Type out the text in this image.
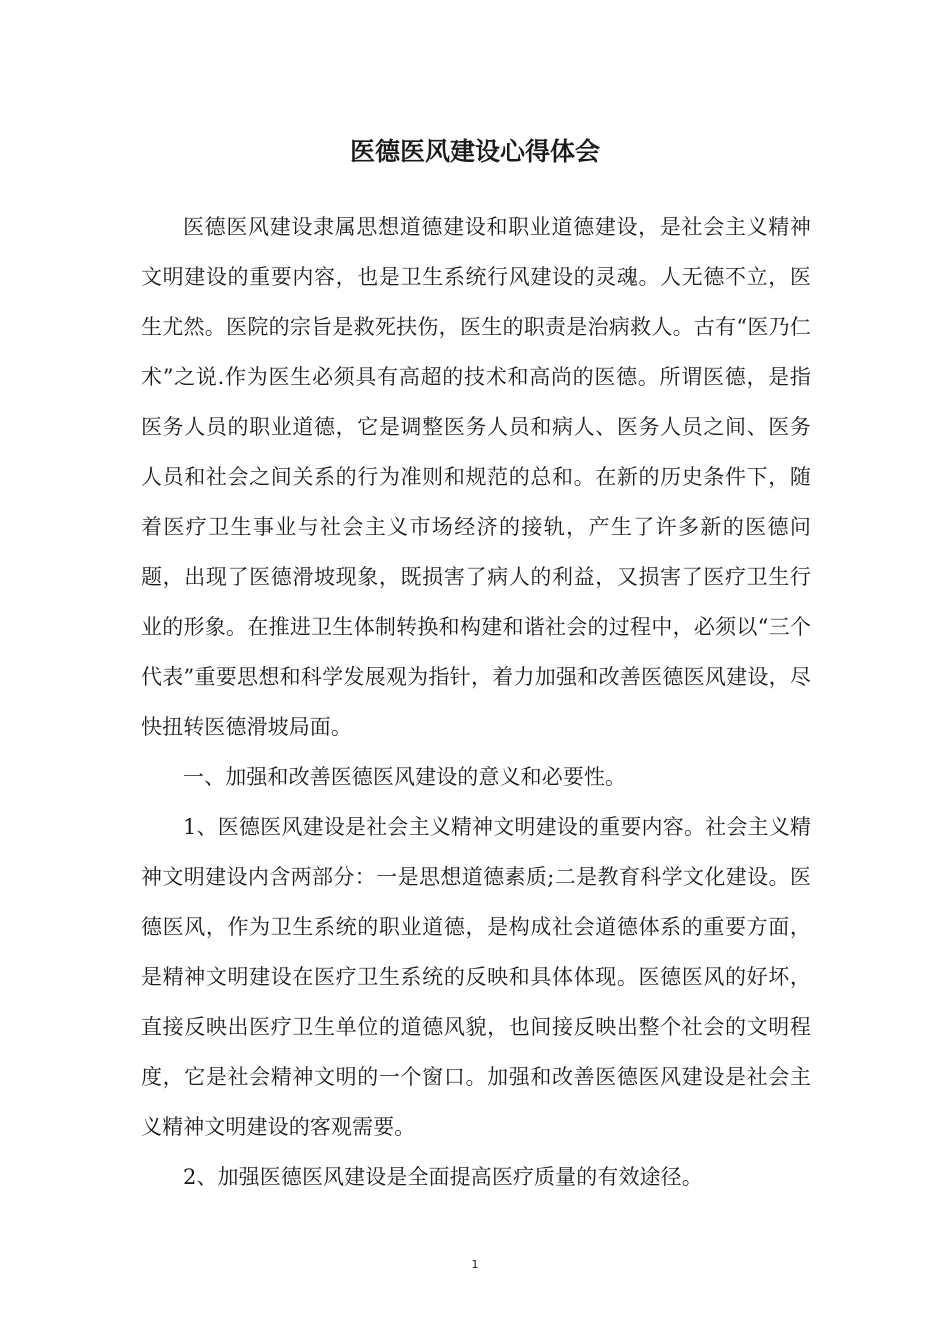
医德医风建设心得体会

医德医风建设隶属思想道德建设和职业道德建设，是社会主义精神文明建设的重要内容，也是卫生系统行风建设的灵魂。人无德不立，医生尤然。医院的宗旨是救死扶伤，医生的职责是治病救人。古有“医乃仁术”之说.作为医生必须具有高超的技术和高尚的医德。所谓医德，是指医务人员的职业道德，它是调整医务人员和病人、医务人员之间、医务人员和社会之间关系的行为准则和规范的总和。在新的历史条件下，随着医疗卫生事业与社会主义市场经济的接轨，产生了许多新的医德问题，出现了医德滑坡现象，既损害了病人的利益，又损害了医疗卫生行业的形象。在推进卫生体制转换和构建和谐社会的过程中，必须以“三个代表”重要思想和科学发展观为指针，着力加强和改善医德医风建设，尽快扭转医德滑坡局面。

一、加强和改善医德医风建设的意义和必要性。

1、医德医风建设是社会主义精神文明建设的重要内容。社会主义精神文明建设内含两部分：一是思想道德素质;二是教育科学文化建设。医德医风，作为卫生系统的职业道德，是构成社会道德体系的重要方面，是精神文明建设在医疗卫生系统的反映和具体体现。医德医风的好坏，直接反映出医疗卫生单位的道德风貌，也间接反映出整个社会的文明程度，它是社会精神文明的一个窗口。加强和改善医德医风建设是社会主义精神文明建设的客观需要。

2、加强医德医风建设是全面提高医疗质量的有效途径。

1
